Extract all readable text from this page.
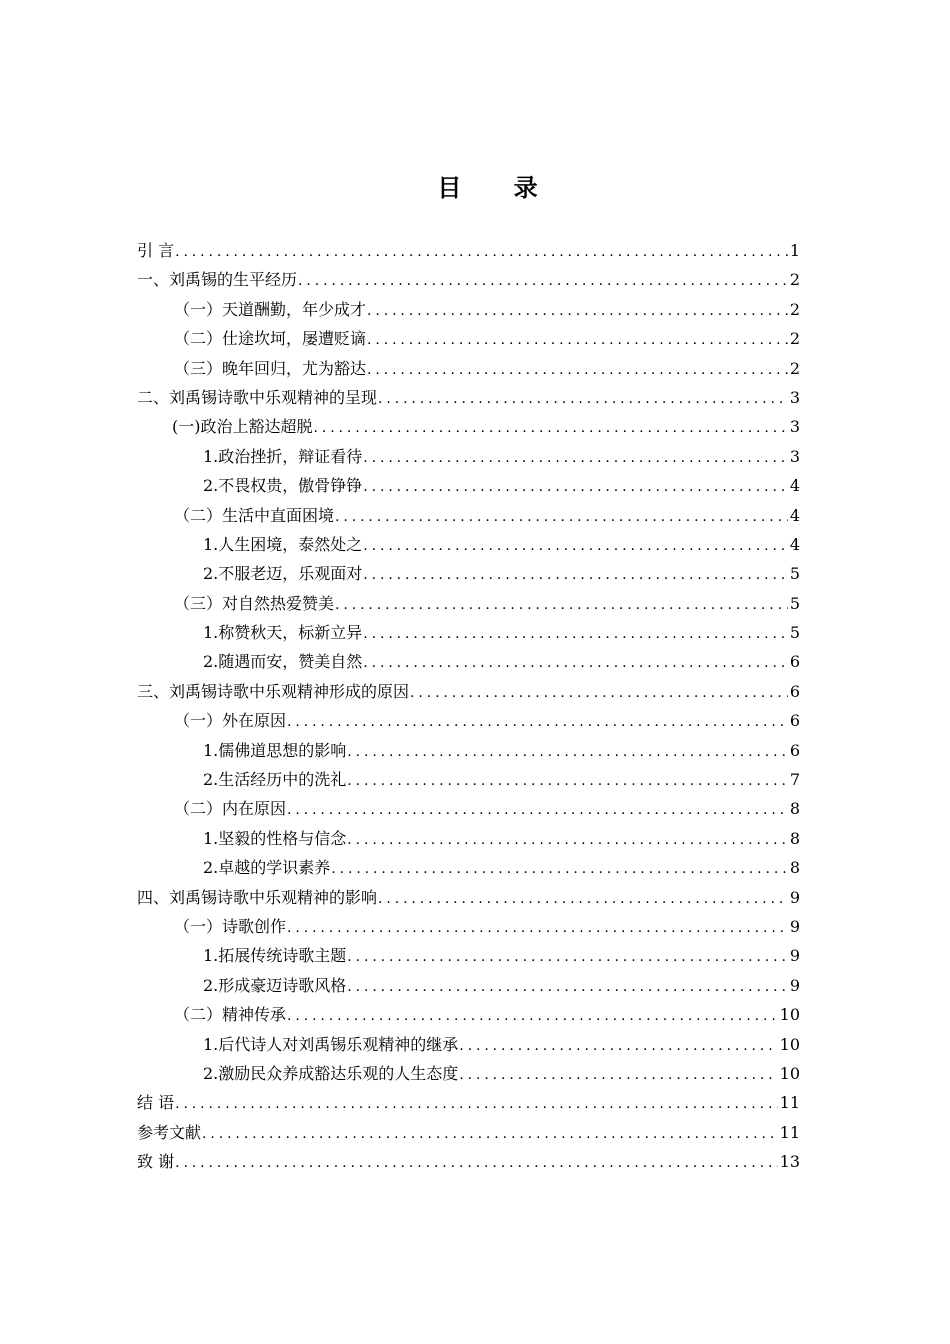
目 录
引 言 .....	1
一、刘禹锡的生平经历 .....	2
（一）天道酬勤，年少成才 .....	2
（二）仕途坎坷，屡遭贬谪 .....	2
（三）晚年回归，尤为豁达 .....	2
二、刘禹锡诗歌中乐观精神的呈现 .....	3
(一)政治上豁达超脱 .....	3
1.政治挫折，辩证看待 .....	3
2.不畏权贵，傲骨铮铮 .....	4
（二）生活中直面困境 .....	4
1.人生困境，泰然处之 .....	4
2.不服老迈，乐观面对 .....	5
（三）对自然热爱赞美 .....	5
1.称赞秋天，标新立异 .....	5
2.随遇而安，赞美自然 .....	6
三、刘禹锡诗歌中乐观精神形成的原因 .....	6
（一）外在原因 .....	6
1.儒佛道思想的影响 .....	6
2.生活经历中的洗礼 .....	7
（二）内在原因 .....	8
1.坚毅的性格与信念 .....	8
2.卓越的学识素养 .....	8
四、刘禹锡诗歌中乐观精神的影响 .....	9
（一）诗歌创作 .....	9
1.拓展传统诗歌主题 .....	9
2.形成豪迈诗歌风格 .....	9
（二）精神传承 .....	10
1.后代诗人对刘禹锡乐观精神的继承 .....	10
2.激励民众养成豁达乐观的人生态度 .....	10
结 语 .....	11
参考文献 .....	11
致 谢 .....	13
